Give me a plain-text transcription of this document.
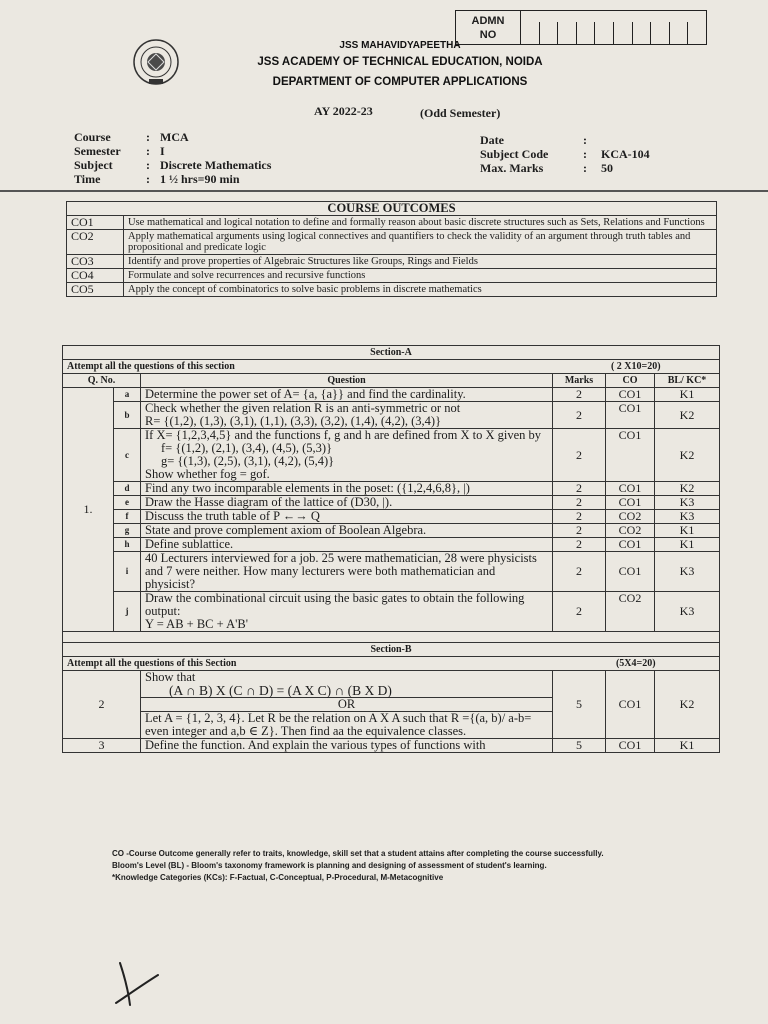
ADMN
NO
JSS MAHAVIDYAPEETHA
JSS ACADEMY OF TECHNICAL EDUCATION, NOIDA
DEPARTMENT OF COMPUTER APPLICATIONS
AY 2022-23	(Odd Semester)
Course	: MCA
Semester	: I
Subject	: Discrete Mathematics
Time	: 1 ½ hrs=90 min
Date	:
Subject Code	:	KCA-104
Max. Marks	:	50
COURSE OUTCOMES	
CO1	Use mathematical and logical notation to define and formally reason about basic discrete structures such as Sets, Relations and Functions
CO2	Apply mathematical arguments using logical connectives and quantifiers to check the validity of an argument through truth tables and propositional and predicate logic
CO3	Identify and prove properties of Algebraic Structures like Groups, Rings and Fields
CO4	Formulate and solve recurrences and recursive functions
CO5	Apply the concept of combinatorics to solve basic problems in discrete mathematics
Section-A					
Attempt all the questions of this section			( 2 X10=20)		
Q. No.		Question	Marks	CO	BL/ KC*
1.	a	Determine the power set of A= {a, {a}} and find the cardinality.	2	CO1	K1
	b	Check whether the given relation R is an anti-symmetric or not
R= {(1,2), (1,3), (3,1), (1,1), (3,3), (3,2), (1,4), (4,2), (3,4)}	2	CO1	K2
	c	If X= {1,2,3,4,5} and the functions f, g and h are defined from X to X given by
f= {(1,2), (2,1), (3,4), (4,5), (5,3)}
g= {(1,3), (2,5), (3,1), (4,2), (5,4)}
Show whether fog = gof.	2	CO1	K2
	d	Find any two incomparable elements in the poset: ({1,2,4,6,8}, |)	2	CO1	K2
	e	Draw the Hasse diagram of the lattice of (D30, |).	2	CO1	K3
	f	Discuss the truth table of P ←→ Q	2	CO2	K3
	g	State and prove complement axiom of Boolean Algebra.	2	CO2	K1
	h	Define sublattice.	2	CO1	K1
	i	40 Lecturers interviewed for a job. 25 were mathematician, 28 were physicists and 7 were neither. How many lecturers were both mathematician and physicist?	2	CO1	K3
	j	Draw the combinational circuit using the basic gates to obtain the following output:
Y = AB + BC + A'B'	2	CO2	K3

Section-B					
Attempt all the questions of this Section			(5X4=20)		
2		Show that
(A ∩ B) X (C ∩ D) = (A X C) ∩ (B X D)
OR
Let A = {1, 2, 3, 4}. Let R be the relation on A X A such that R ={(a, b)/ a-b= even integer and a,b ∈ Z}. Then find aa the equivalence classes.	5	CO1	K2
3		Define the function. And explain the various types of functions with	5	CO1	K1
CO -Course Outcome generally refer to traits, knowledge, skill set that a student attains after completing the course successfully.
Bloom's Level (BL) - Bloom's taxonomy framework is planning and designing of assessment of student's learning.
*Knowledge Categories (KCs): F-Factual, C-Conceptual, P-Procedural, M-Metacognitive
